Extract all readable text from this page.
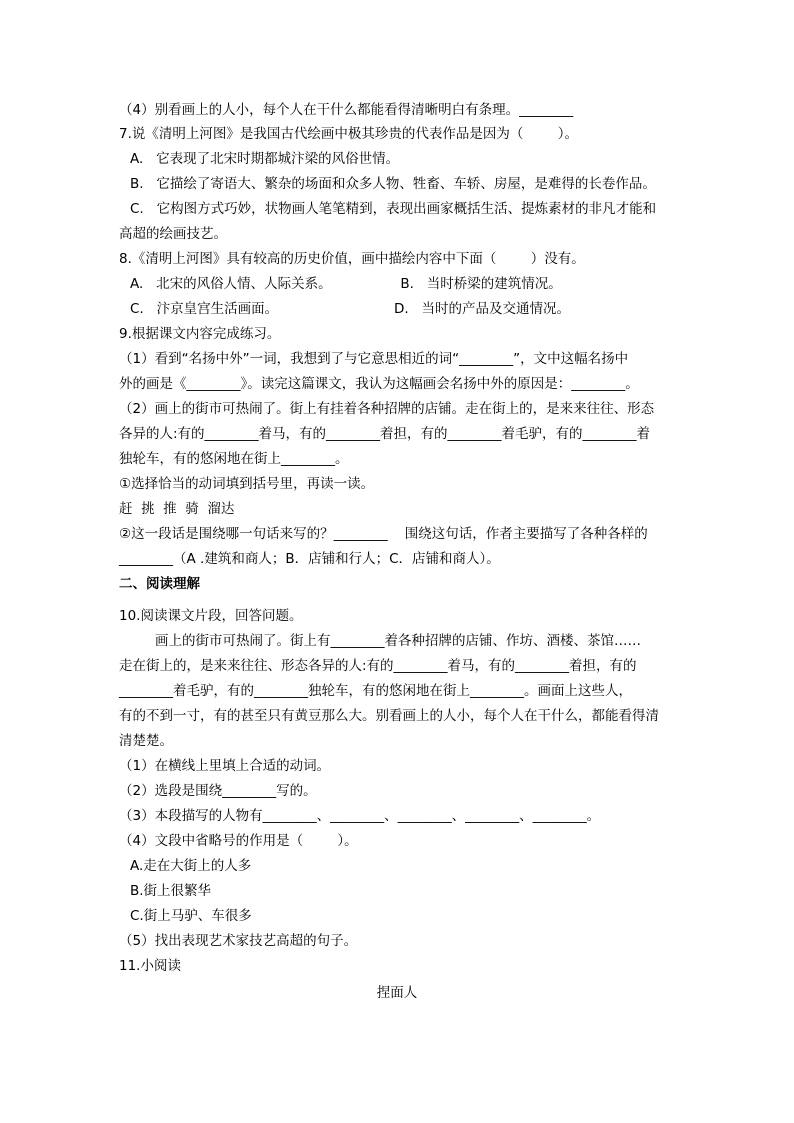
（4）别看画上的人小，每个人在干什么都能看得清晰明白有条理。________
7.说《清明上河图》是我国古代绘画中极其珍贵的代表作品是因为（        ）。
A.   它表现了北宋时期都城汴梁的风俗世情。
B.   它描绘了寄语大、繁杂的场面和众多人物、牲畜、车轿、房屋，是难得的长卷作品。
C.   它构图方式巧妙，状物画人笔笔精到，表现出画家概括生活、提炼素材的非凡才能和
高超的绘画技艺。
8.《清明上河图》具有较高的历史价值，画中描绘内容中下面（        ）没有。
A.   北宋的风俗人情、人际关系。                B.   当时桥梁的建筑情况。
C.   汴京皇宫生活画面。                           D.   当时的产品及交通情况。
9.根据课文内容完成练习。
（1）看到“名扬中外”一词，我想到了与它意思相近的词“________”，文中这幅名扬中
外的画是《________》。读完这篇课文，我认为这幅画会名扬中外的原因是：________。
（2）画上的街市可热闹了。街上有挂着各种招牌的店铺。走在街上的，是来来往往、形态
各异的人:有的________着马，有的________着担，有的________着毛驴，有的________着
独轮车，有的悠闲地在街上________。
①选择恰当的动词填到括号里，再读一读。
赶  挑  推  骑  溜达
②这一段话是围绕哪一句话来写的？________    围绕这句话，作者主要描写了各种各样的
________（A .建筑和商人；B．店铺和行人；C．店铺和商人）。
二、阅读理解
10.阅读课文片段，回答问题。
画上的街市可热闹了。街上有________着各种招牌的店铺、作坊、酒楼、茶馆……
走在街上的，是来来往往、形态各异的人:有的________着马，有的________着担，有的
________着毛驴，有的________独轮车，有的悠闲地在街上________。画面上这些人，
有的不到一寸，有的甚至只有黄豆那么大。别看画上的人小，每个人在干什么，都能看得清
清楚楚。
（1）在横线上里填上合适的动词。
（2）选段是围绕________写的。
（3）本段描写的人物有________、________、________、________、________。
（4）文段中省略号的作用是（        ）。
A.走在大街上的人多
B.街上很繁华
C.街上马驴、车很多
（5）找出表现艺术家技艺高超的句子。
11.小阅读
捏面人
